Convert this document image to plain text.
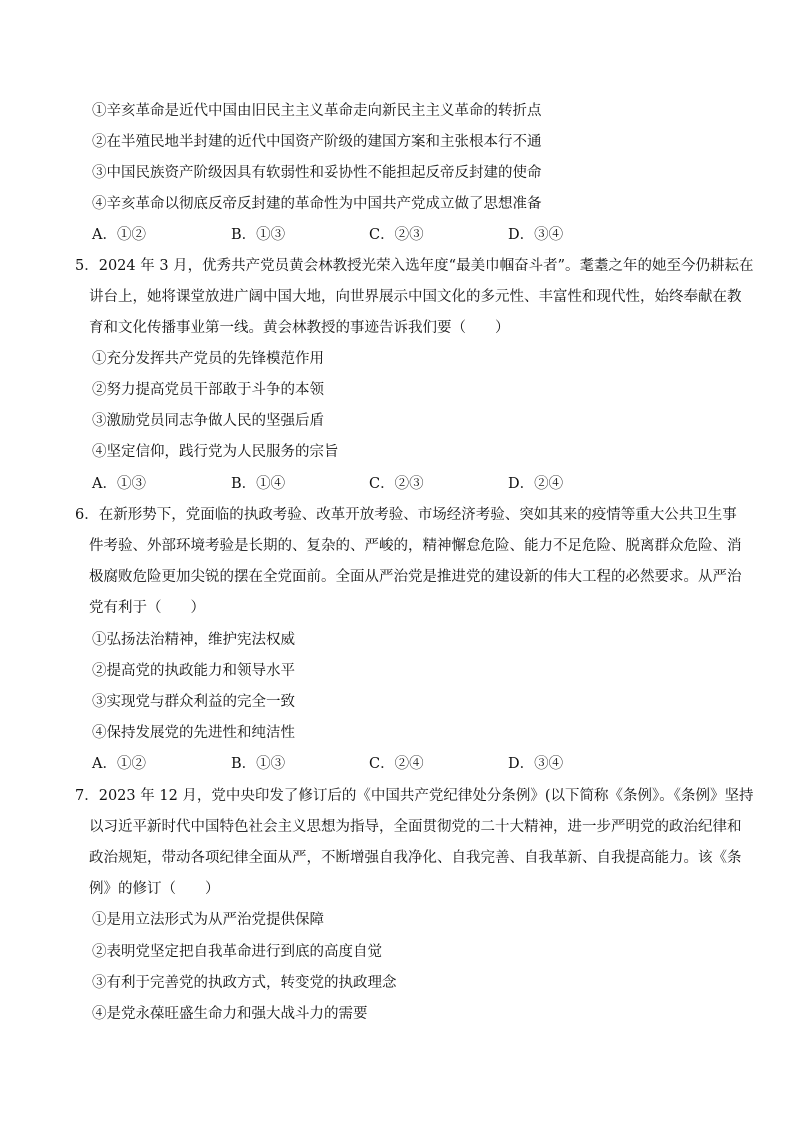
①辛亥革命是近代中国由旧民主主义革命走向新民主主义革命的转折点
②在半殖民地半封建的近代中国资产阶级的建国方案和主张根本行不通
③中国民族资产阶级因具有软弱性和妥协性不能担起反帝反封建的使命
④辛亥革命以彻底反帝反封建的革命性为中国共产党成立做了思想准备
A．①②	B．①③	C．②③	D．③④
5．2024 年 3 月，优秀共产党员黄会林教授光荣入选年度“最美巾帼奋斗者”。耄耋之年的她至今仍耕耘在
讲台上，她将课堂放进广阔中国大地，向世界展示中国文化的多元性、丰富性和现代性，始终奉献在教
育和文化传播事业第一线。黄会林教授的事迹告诉我们要（　　）
①充分发挥共产党员的先锋模范作用
②努力提高党员干部敢于斗争的本领
③激励党员同志争做人民的坚强后盾
④坚定信仰，践行党为人民服务的宗旨
A．①③	B．①④	C．②③	D．②④
6．在新形势下，党面临的执政考验、改革开放考验、市场经济考验、突如其来的疫情等重大公共卫生事
件考验、外部环境考验是长期的、复杂的、严峻的，精神懈怠危险、能力不足危险、脱离群众危险、消
极腐败危险更加尖锐的摆在全党面前。全面从严治党是推进党的建设新的伟大工程的必然要求。从严治
党有利于（　　）
①弘扬法治精神，维护宪法权威
②提高党的执政能力和领导水平
③实现党与群众利益的完全一致
④保持发展党的先进性和纯洁性
A．①②	B．①③	C．②④	D．③④
7．2023 年 12 月，党中央印发了修订后的《中国共产党纪律处分条例》(以下简称《条例》。《条例》坚持
以习近平新时代中国特色社会主义思想为指导，全面贯彻党的二十大精神，进一步严明党的政治纪律和
政治规矩，带动各项纪律全面从严，不断增强自我净化、自我完善、自我革新、自我提高能力。该《条
例》的修订（　　）
①是用立法形式为从严治党提供保障
②表明党坚定把自我革命进行到底的高度自觉
③有利于完善党的执政方式，转变党的执政理念
④是党永葆旺盛生命力和强大战斗力的需要
